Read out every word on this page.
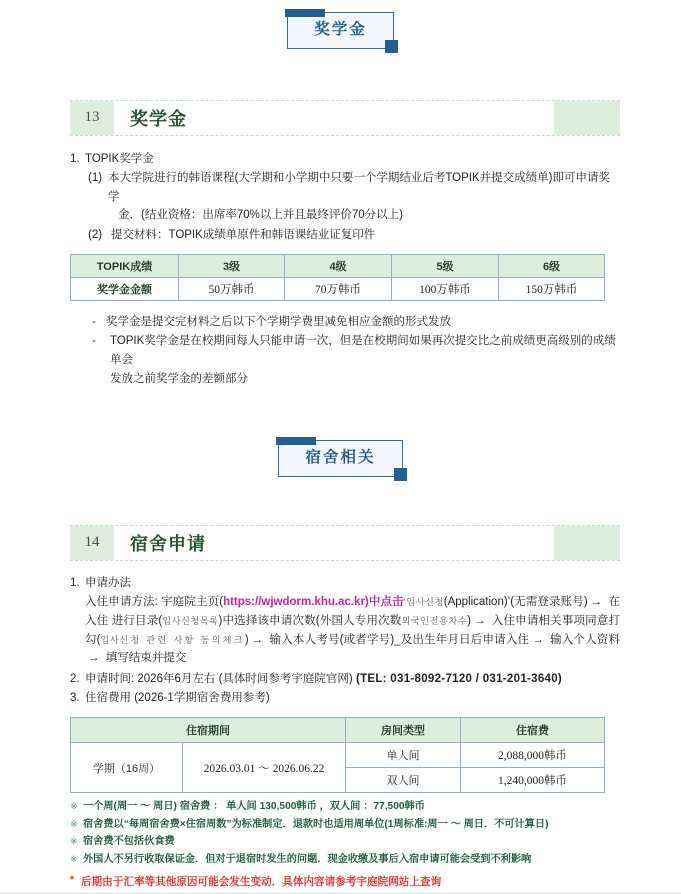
奖学金
13	奖学金
1. TOPIK奖学金
(1) 本大学院进行的韩语课程(大学期和小学期中只要一个学期结业后考TOPIK并提交成绩单)即可申请奖学
金．(结业资格：出席率70%以上并且最终评价70分以上)
(2) 提交材料：TOPIK成绩单原件和韩语课结业证复印件
TOPIK成绩	3级	4级	5级	6级
奖学金金额	50万韩币	70万韩币	100万韩币	150万韩币
- 奖学金是提交完材料之后以下个学期学费里减免相应金额的形式发放
-	TOPIK奖学金是在校期间每人只能申请一次，但是在校期间如果再次提交比之前成绩更高级别的成绩单会
发放之前奖学金的差额部分
宿舍相关
14	宿舍申请
1. 申请办法
入住申请方法: 宇庭院主页(https://wjwdorm.khu.ac.kr)中点击‘입사신청(Application)’(无需登录账号) → 在入住 进行目录(입사신청목록)中选择该申请次数(外国人专用次数외국인전용차수) → 入住申请相关事项同意打勾(입사신청 관련 사항 동의체크) → 输入本人考号(或者学号)_及出生年月日后申请入住 → 输入个人资料→ 填写结束并提交
2. 申请时间: 2026年6月左右 (具体时间参考宇庭院官网) (TEL: 031-8092-7120 / 031-201-3640)
3. 住宿费用 (2026-1学期宿舍费用参考)
住宿期间		房间类型	住宿费
学期（16周）	2026.03.01 ～ 2026.06.22	单人间	2,088,000韩币
		双人间	1,240,000韩币
※ 一个周(周一 ～ 周日) 宿舍费 ： 单人间 130,500韩币 ，双人间 ：77,500韩币
※ 宿舍费以“每周宿舍费×住宿周数”为标准制定．退款时也适用周单位(1周标准:周一 ～ 周日．不可计算日)
※ 宿舍费不包括伙食费
※ 外国人不另行收取保证金．但对于退宿时发生的问题．现金收缴及事后入宿申请可能会受到不利影响
* 后期由于汇率等其他原因可能会发生变动．具体内容请参考宇庭院网站上查询
